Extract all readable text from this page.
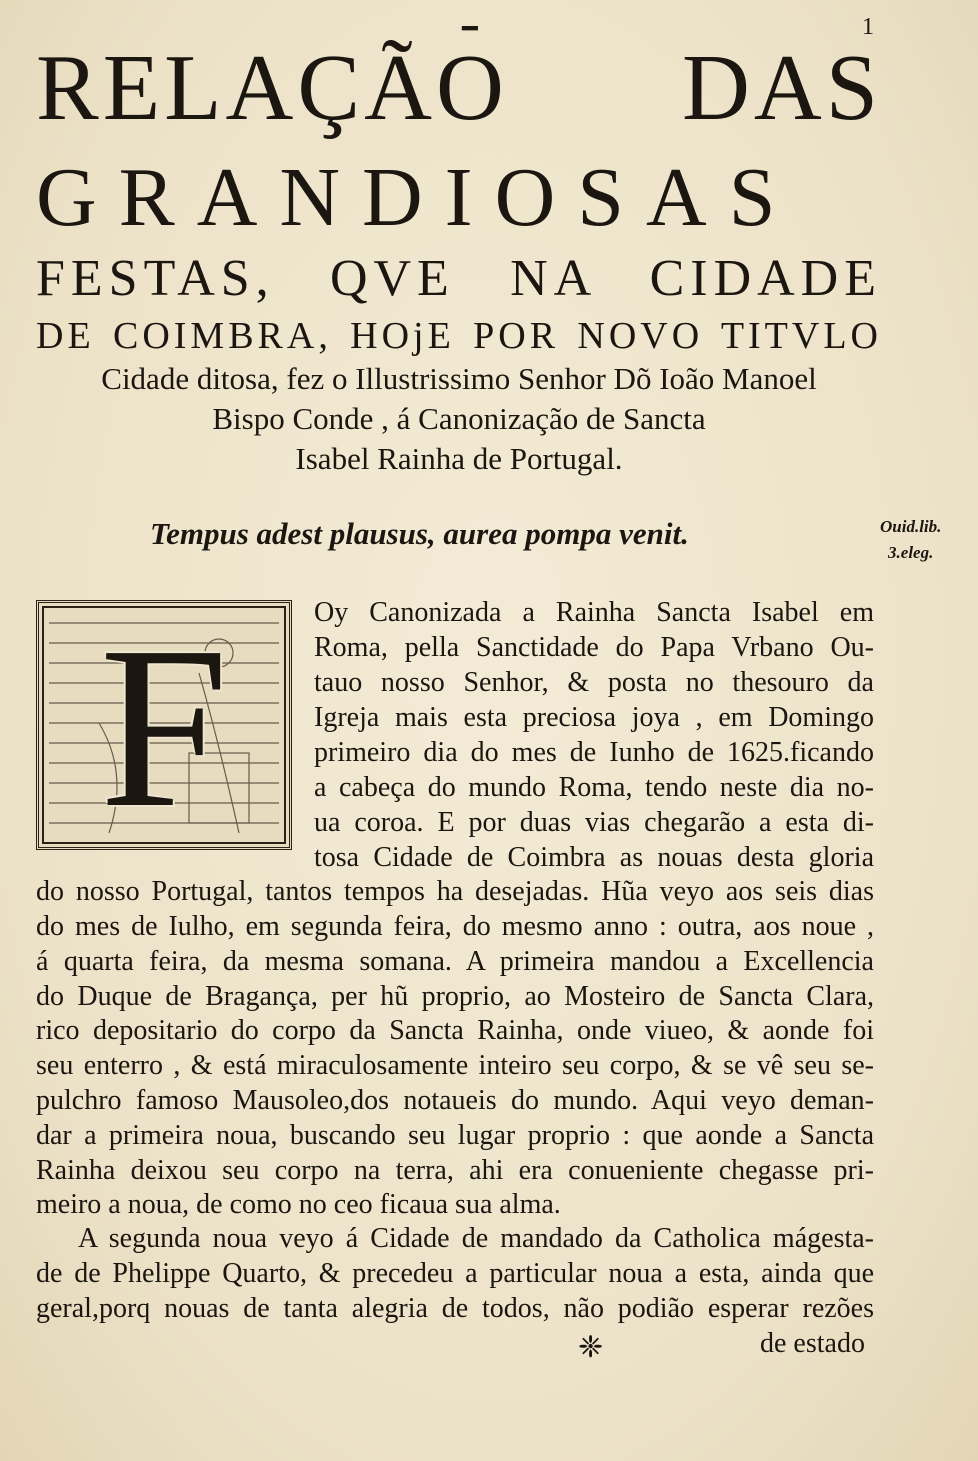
━	1
RELAÇÃO DAS
GRANDIOSAS
FESTAS, QVE NA CIDADE
DE COIMBRA, HOjE POR NOVO TITVLO

Cidade ditosa, fez o Illustrissimo Senhor Dõ Ioão Manoel

Bispo Conde , á Canonização de Sancta

Isabel Rainha de Portugal.

Tempus adest plausus, aurea pompa venit.	Ouid.lib.
3.eleg.
F	Oy Canonizada a Rainha Sancta Isabel em

Roma, pella Sanctidade do Papa Vrbano Ou-

tauo nosso Senhor, & posta no thesouro da

Igreja mais esta preciosa joya , em Domingo

primeiro dia do mes de Iunho de 1625.ficando

a cabeça do mundo Roma, tendo neste dia no-

ua coroa. E por duas vias chegarão a esta di-

tosa Cidade de Coimbra as nouas desta gloria

do nosso Portugal, tantos tempos ha desejadas. Hũa veyo aos seis dias

do mes de Iulho, em segunda feira, do mesmo anno : outra, aos noue ,

á quarta feira, da mesma somana. A primeira mandou a Excellencia

do Duque de Bragança, per hũ proprio, ao Mosteiro de Sancta Clara,

rico depositario do corpo da Sancta Rainha, onde viueo, & aonde foi

seu enterro , & está miraculosamente inteiro seu corpo, & se vê seu se-

pulchro famoso Mausoleo,dos notaueis do mundo. Aqui veyo deman-

dar a primeira noua, buscando seu lugar proprio : que aonde a Sancta

Rainha deixou seu corpo na terra, ahi era conueniente chegasse pri-

meiro a noua, de como no ceo ficaua sua alma.

A segunda noua veyo á Cidade de mandado da Catholica mágesta-

de de Phelippe Quarto, & precedeu a particular noua a esta, ainda que

geral,porq nouas de tanta alegria de todos, não podião esperar rezões

❈	de estado
